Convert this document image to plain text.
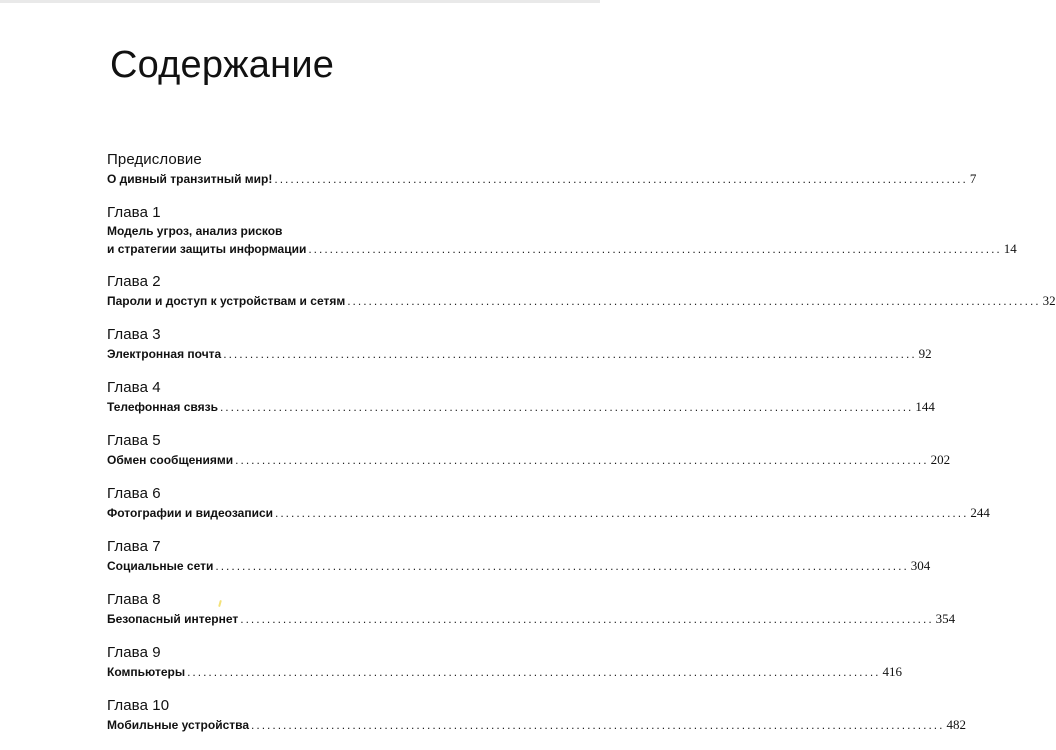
Содержание
Предисловие
О дивный транзитный мир! .................................................................................................................................. 7
Глава 1
Модель угроз, анализ рисков
и стратегии защиты информации .................................................................................................................................. 14
Глава 2
Пароли и доступ к устройствам и сетям .................................................................................................................................. 32
Глава 3
Электронная почта .................................................................................................................................. 92
Глава 4
Телефонная связь .................................................................................................................................. 144
Глава 5
Обмен сообщениями .................................................................................................................................. 202
Глава 6
Фотографии и видеозаписи .................................................................................................................................. 244
Глава 7
Социальные сети .................................................................................................................................. 304
Глава 8
Безопасный интернет .................................................................................................................................. 354
Глава 9
Компьютеры .................................................................................................................................. 416
Глава 10
Мобильные устройства .................................................................................................................................. 482
